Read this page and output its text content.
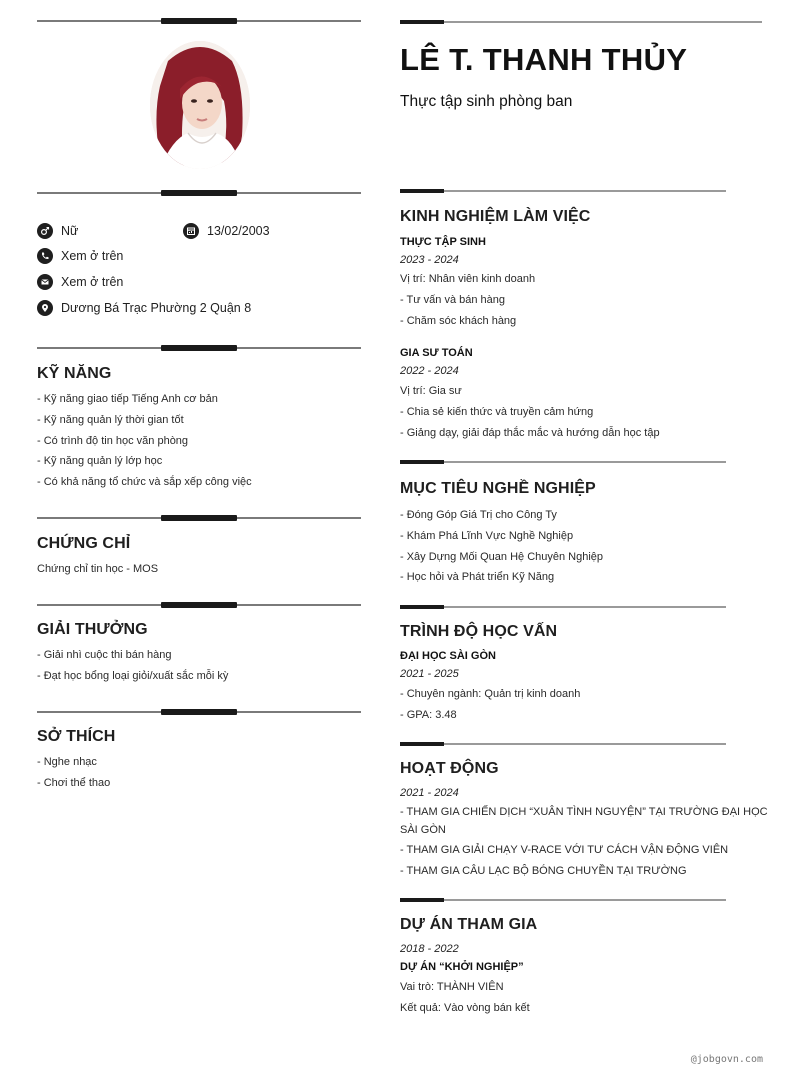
Nữ	13/02/2003
Xem ở trên
Xem ở trên
Dương Bá Trạc Phường 2 Quận 8
KỸ NĂNG
- Kỹ năng giao tiếp Tiếng Anh cơ bản
- Kỹ năng quản lý thời gian tốt
- Có trình độ tin học văn phòng
- Kỹ năng quản lý lớp học
- Có khả năng tổ chức và sắp xếp công việc
CHỨNG CHỈ
Chứng chỉ tin học - MOS
GIẢI THƯỞNG
- Giải nhì cuộc thi bán hàng
- Đạt học bổng loại giỏi/xuất sắc mỗi kỳ
SỞ THÍCH
- Nghe nhạc
- Chơi thể thao
LÊ T. THANH THỦY
Thực tập sinh phòng ban
KINH NGHIỆM LÀM VIỆC
THỰC TẬP SINH
2023 - 2024
Vị trí: Nhân viên kinh doanh
- Tư vấn và bán hàng
- Chăm sóc khách hàng
GIA SƯ TOÁN
2022 - 2024
Vị trí: Gia sư
- Chia sẻ kiến thức và truyền cảm hứng
- Giảng dạy, giải đáp thắc mắc và hướng dẫn học tập
MỤC TIÊU NGHỀ NGHIỆP
- Đóng Góp Giá Trị cho Công Ty
- Khám Phá Lĩnh Vực Nghề Nghiệp
- Xây Dựng Mối Quan Hệ Chuyên Nghiệp
- Học hỏi và Phát triển Kỹ Năng
TRÌNH ĐỘ HỌC VẤN
ĐẠI HỌC SÀI GÒN
2021 - 2025
- Chuyên ngành: Quản trị kinh doanh
- GPA: 3.48
HOẠT ĐỘNG
2021 - 2024
- THAM GIA CHIẾN DỊCH “XUÂN TÌNH NGUYỆN” TẠI TRƯỜNG ĐẠI HỌC
SÀI GÒN
- THAM GIA GIẢI CHẠY V-RACE VỚI TƯ CÁCH VẬN ĐỘNG VIÊN
- THAM GIA CÂU LẠC BỘ BÓNG CHUYỀN TẠI TRƯỜNG
DỰ ÁN THAM GIA
2018 - 2022
DỰ ÁN “KHỞI NGHIỆP”
Vai trò: THÀNH VIÊN
Kết quả: Vào vòng bán kết
@jobgovn.com
